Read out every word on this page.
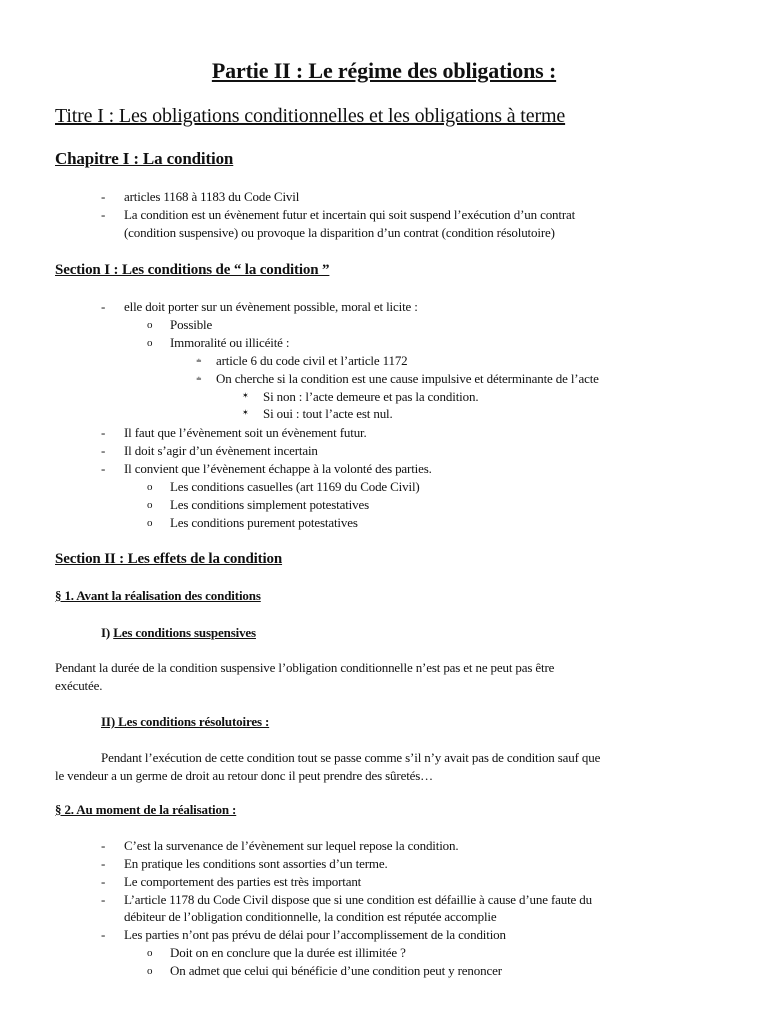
Partie II : Le régime des obligations :
Titre I : Les obligations conditionnelles et les obligations à terme
Chapitre I : La condition
- articles 1168 à 1183 du Code Civil
- La condition est un évènement futur et incertain qui soit suspend l’exécution d’un contrat
(condition suspensive) ou provoque la disparition d’un contrat (condition résolutoire)
Section I : Les conditions de “ la condition ”
- elle doit porter sur un évènement possible, moral et licite :
o Possible
o Immoralité ou illicéité :
≐ article 6 du code civil et l’article 1172
≐ On cherche si la condition est une cause impulsive et déterminante de l’acte
✶ Si non : l’acte demeure et pas la condition.
✶ Si oui : tout l’acte est nul.
- Il faut que l’évènement soit un évènement futur.
- Il doit s’agir d’un évènement incertain
- Il convient que l’évènement échappe à la volonté des parties.
o Les conditions casuelles (art 1169 du Code Civil)
o Les conditions simplement potestatives
o Les conditions purement potestatives
Section II : Les effets de la condition
§ 1. Avant la réalisation des conditions
I) Les conditions suspensives
Pendant la durée de la condition suspensive l’obligation conditionnelle n’est pas et ne peut pas être
exécutée.
II) Les conditions résolutoires :
Pendant l’exécution de cette condition tout se passe comme s’il n’y avait pas de condition sauf que
le vendeur a un germe de droit au retour donc il peut prendre des sûretés…
§ 2. Au moment de la réalisation :
- C’est la survenance de l’évènement sur lequel repose la condition.
- En pratique les conditions sont assorties d’un terme.
- Le comportement des parties est très important
- L’article 1178 du Code Civil dispose que si une condition est défaillie à cause d’une faute du
débiteur de l’obligation conditionnelle, la condition est réputée accomplie
- Les parties n’ont pas prévu de délai pour l’accomplissement de la condition
o Doit on en conclure que la durée est illimitée ?
o On admet que celui qui bénéficie d’une condition peut y renoncer
